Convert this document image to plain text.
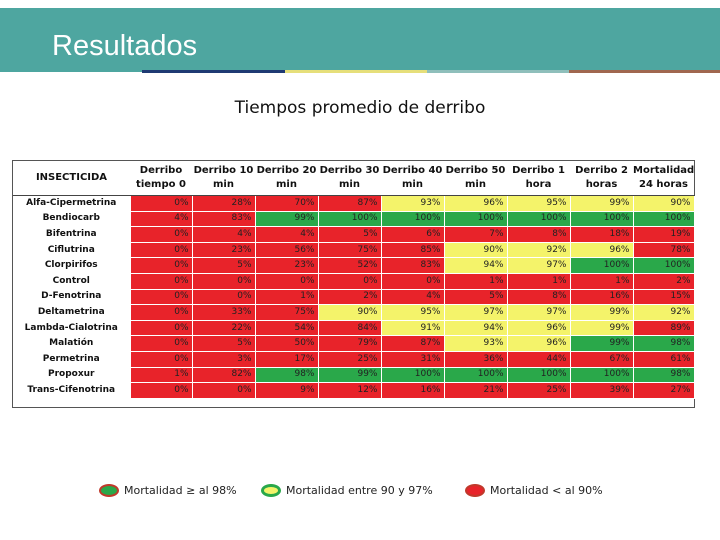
Resultados
Tiempos promedio de derribo
INSECTICIDA	Derribo tiempo 0	Derribo 10 min	Derribo 20 min	Derribo 30 min	Derribo 40 min	Derribo 50 min	Derribo 1 hora	Derribo 2 horas	Mortalidad 24 horas
Alfa-Cipermetrina	0%	28%	70%	87%	93%	96%	95%	99%	90%
Bendiocarb	4%	83%	99%	100%	100%	100%	100%	100%	100%
Bifentrina	0%	4%	4%	5%	6%	7%	8%	18%	19%
Ciflutrina	0%	23%	56%	75%	85%	90%	92%	96%	78%
Clorpirifos	0%	5%	23%	52%	83%	94%	97%	100%	100%
Control	0%	0%	0%	0%	0%	1%	1%	1%	2%
D-Fenotrina	0%	0%	1%	2%	4%	5%	8%	16%	15%
Deltametrina	0%	33%	75%	90%	95%	97%	97%	99%	92%
Lambda-Cialotrina	0%	22%	54%	84%	91%	94%	96%	99%	89%
Malatión	0%	5%	50%	79%	87%	93%	96%	99%	98%
Permetrina	0%	3%	17%	25%	31%	36%	44%	67%	61%
Propoxur	1%	82%	98%	99%	100%	100%	100%	100%	98%
Trans-Cifenotrina	0%	0%	9%	12%	16%	21%	25%	39%	27%
Mortalidad ≥ al 98%	Mortalidad entre 90 y 97%	Mortalidad < al 90%
